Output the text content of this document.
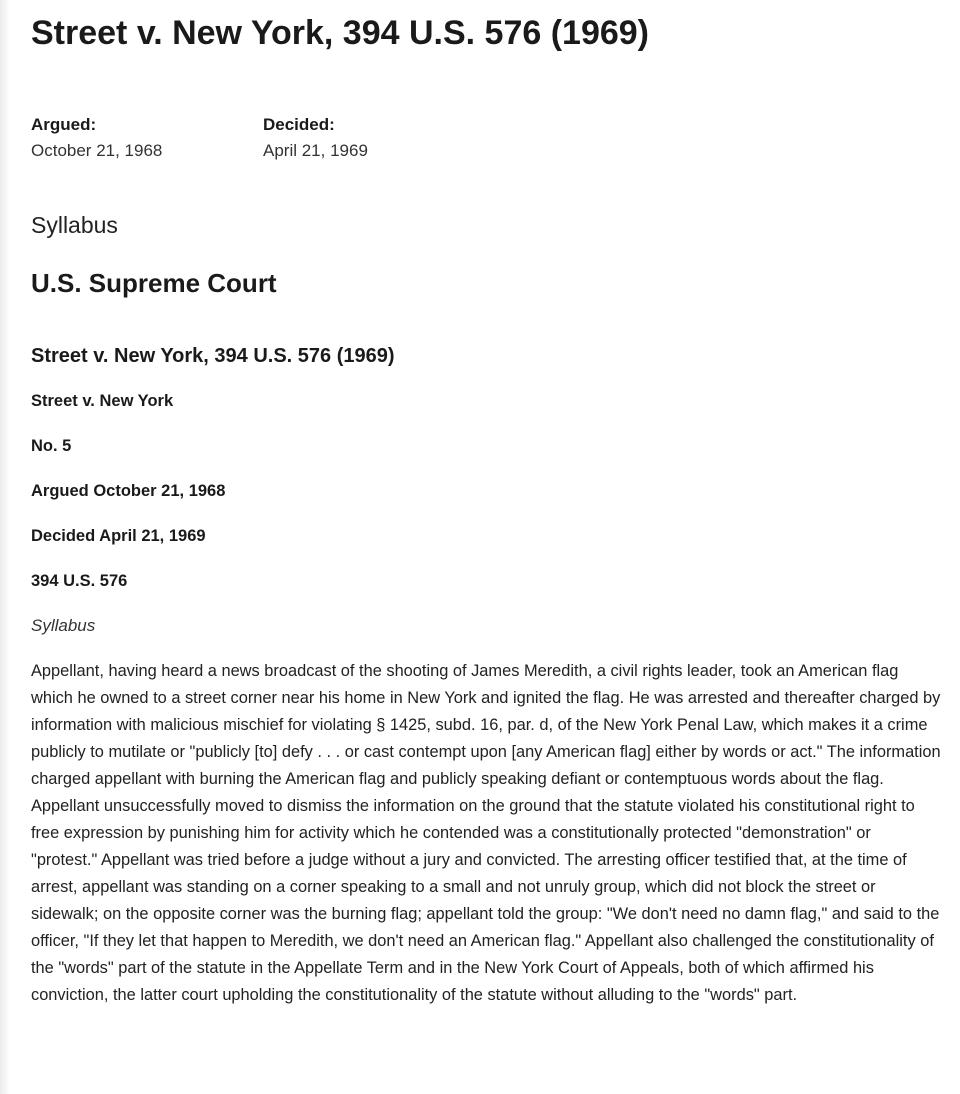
Street v. New York, 394 U.S. 576 (1969)
Argued:
October 21, 1968
Decided:
April 21, 1969
Syllabus
U.S. Supreme Court
Street v. New York, 394 U.S. 576 (1969)
Street v. New York
No. 5
Argued October 21, 1968
Decided April 21, 1969
394 U.S. 576
Syllabus

Appellant, having heard a news broadcast of the shooting of James Meredith, a civil rights leader, took an American flag which he owned to a street corner near his home in New York and ignited the flag. He was arrested and thereafter charged by information with malicious mischief for violating § 1425, subd. 16, par. d, of the New York Penal Law, which makes it a crime publicly to mutilate or "publicly [to] defy . . . or cast contempt upon [any American flag] either by words or act." The information charged appellant with burning the American flag and publicly speaking defiant or contemptuous words about the flag. Appellant unsuccessfully moved to dismiss the information on the ground that the statute violated his constitutional right to free expression by punishing him for activity which he contended was a constitutionally protected "demonstration" or "protest." Appellant was tried before a judge without a jury and convicted. The arresting officer testified that, at the time of arrest, appellant was standing on a corner speaking to a small and not unruly group, which did not block the street or sidewalk; on the opposite corner was the burning flag; appellant told the group: "We don't need no damn flag," and said to the officer, "If they let that happen to Meredith, we don't need an American flag." Appellant also challenged the constitutionality of the "words" part of the statute in the Appellate Term and in the New York Court of Appeals, both of which affirmed his conviction, the latter court upholding the constitutionality of the statute without alluding to the "words" part.
